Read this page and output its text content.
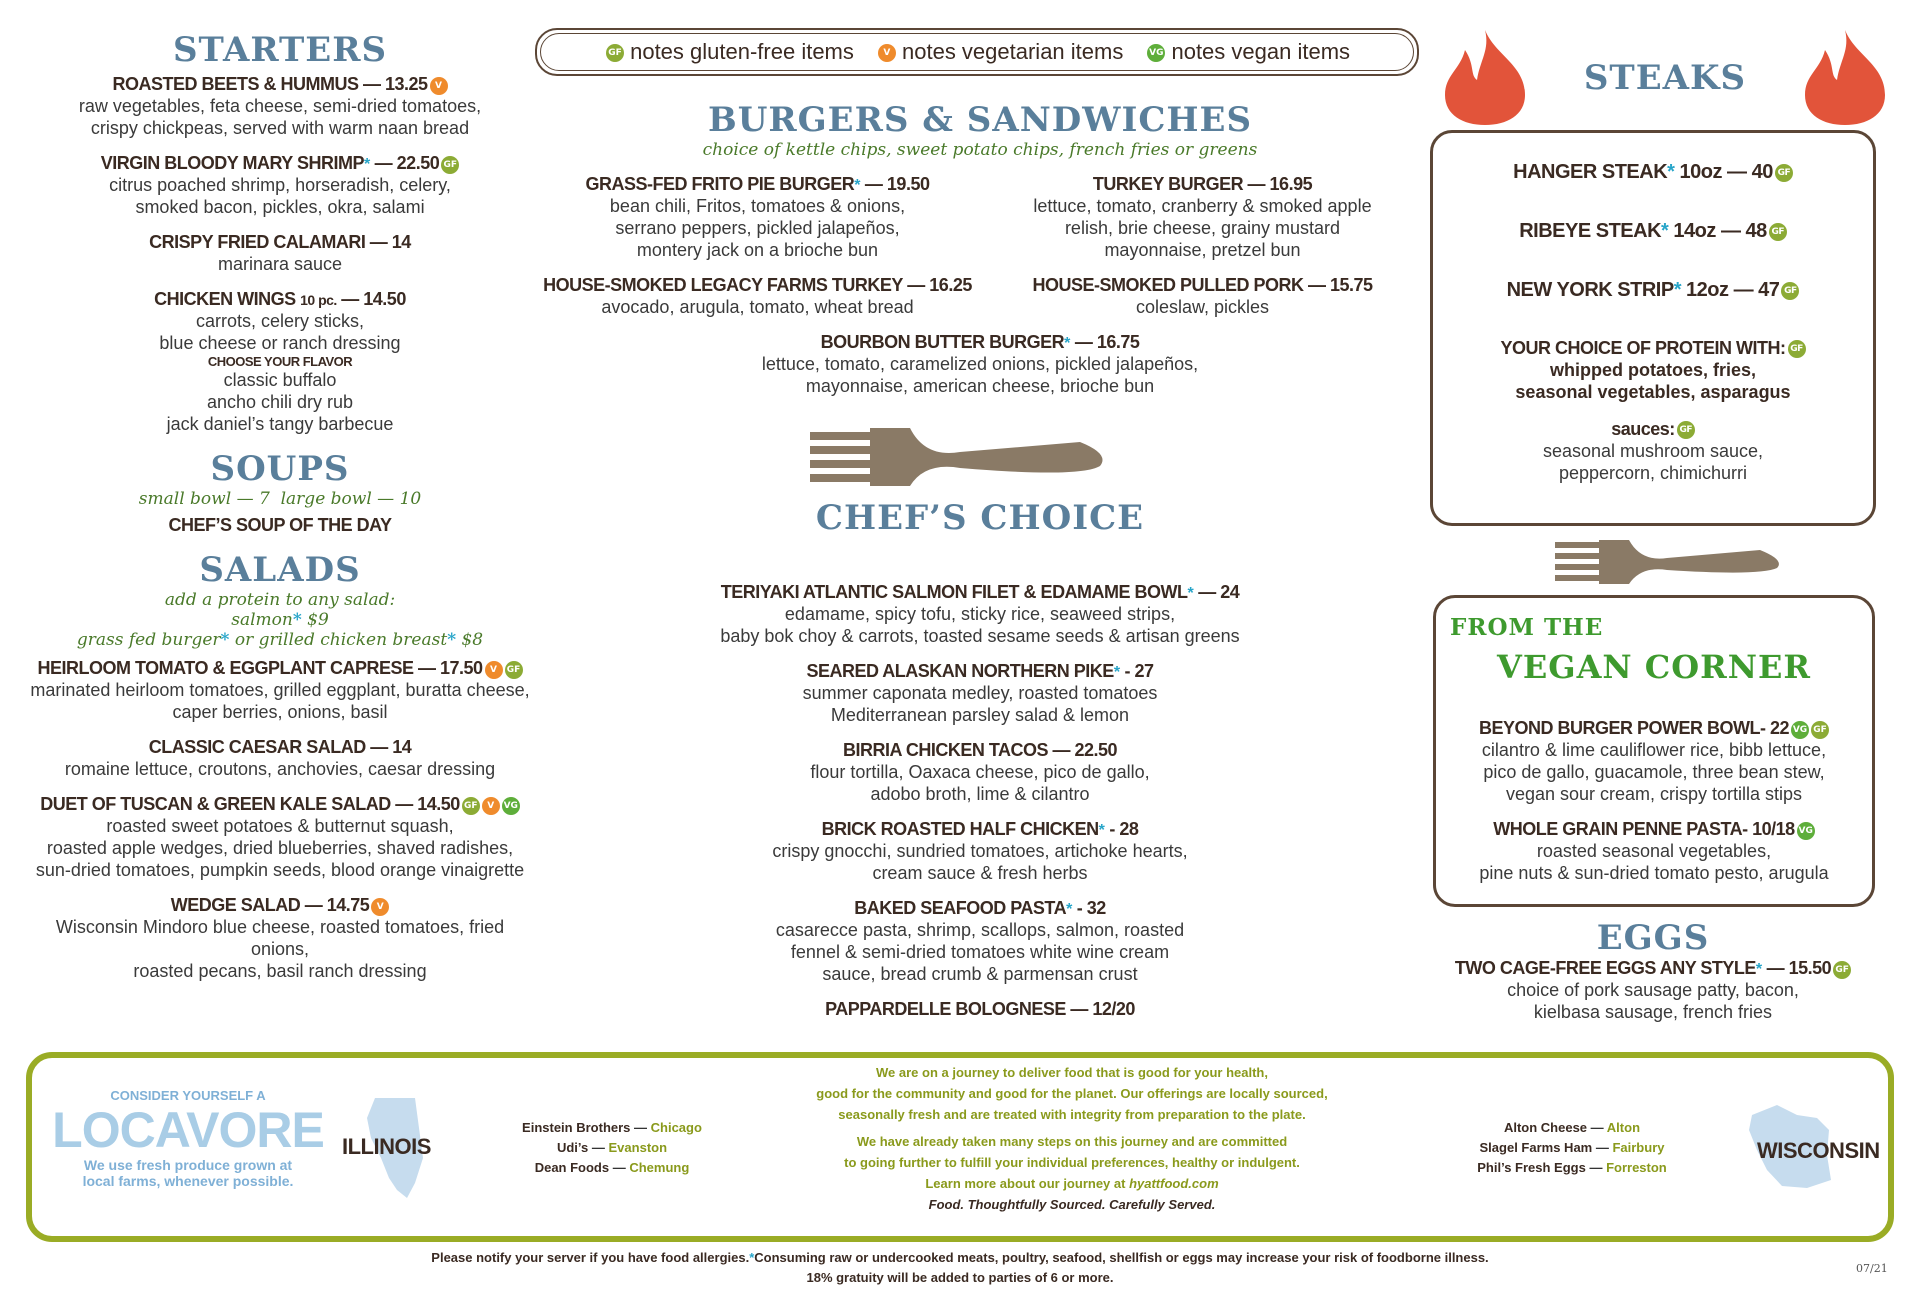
STARTERS
ROASTED BEETS & HUMMUS — 13.25 V
raw vegetables, feta cheese, semi-dried tomatoes,
crispy chickpeas, served with warm naan bread
VIRGIN BLOODY MARY SHRIMP* — 22.50 GF
citrus poached shrimp, horseradish, celery,
smoked bacon, pickles, okra, salami
CRISPY FRIED CALAMARI — 14
marinara sauce
CHICKEN WINGS 10 pc. — 14.50
carrots, celery sticks,
blue cheese or ranch dressing
CHOOSE YOUR FLAVOR
classic buffalo
ancho chili dry rub
jack daniel’s tangy barbecue
SOUPS
small bowl — 7 large bowl — 10
CHEF’S SOUP OF THE DAY
SALADS
add a protein to any salad:
salmon* $9
grass fed burger* or grilled chicken breast* $8
HEIRLOOM TOMATO & EGGPLANT CAPRESE — 17.50 V GF
marinated heirloom tomatoes, grilled eggplant, buratta cheese,
caper berries, onions, basil
CLASSIC CAESAR SALAD — 14
romaine lettuce, croutons, anchovies, caesar dressing
DUET OF TUSCAN & GREEN KALE SALAD — 14.50 GF V VG
roasted sweet potatoes & butternut squash,
roasted apple wedges, dried blueberries, shaved radishes,
sun-dried tomatoes, pumpkin seeds, blood orange vinaigrette
WEDGE SALAD — 14.75 V
Wisconsin Mindoro blue cheese, roasted tomatoes, fried onions,
roasted pecans, basil ranch dressing
GF notes gluten-free items	V notes vegetarian items	VG notes vegan items
BURGERS & SANDWICHES
choice of kettle chips, sweet potato chips, french fries or greens
GRASS-FED FRITO PIE BURGER* — 19.50
bean chili, Fritos, tomatoes & onions,
serrano peppers, pickled jalapeños,
montery jack on a brioche bun
TURKEY BURGER — 16.95
lettuce, tomato, cranberry & smoked apple
relish, brie cheese, grainy mustard
mayonnaise, pretzel bun
HOUSE-SMOKED LEGACY FARMS TURKEY — 16.25
avocado, arugula, tomato, wheat bread
HOUSE-SMOKED PULLED PORK — 15.75
coleslaw, pickles
BOURBON BUTTER BURGER* — 16.75
lettuce, tomato, caramelized onions, pickled jalapeños,
mayonnaise, american cheese, brioche bun
CHEF’S CHOICE
TERIYAKI ATLANTIC SALMON FILET & EDAMAME BOWL* — 24
edamame, spicy tofu, sticky rice, seaweed strips,
baby bok choy & carrots, toasted sesame seeds & artisan greens
SEARED ALASKAN NORTHERN PIKE* - 27
summer caponata medley, roasted tomatoes
Mediterranean parsley salad & lemon
BIRRIA CHICKEN TACOS — 22.50
flour tortilla, Oaxaca cheese, pico de gallo,
adobo broth, lime & cilantro
BRICK ROASTED HALF CHICKEN* - 28
crispy gnocchi, sundried tomatoes, artichoke hearts,
cream sauce & fresh herbs
BAKED SEAFOOD PASTA* - 32
casarecce pasta, shrimp, scallops, salmon, roasted
fennel & semi-dried tomatoes white wine cream
sauce, bread crumb & parmensan crust
PAPPARDELLE BOLOGNESE — 12/20
STEAKS
HANGER STEAK* 10oz — 40 GF
RIBEYE STEAK* 14oz — 48 GF
NEW YORK STRIP* 12oz — 47 GF
YOUR CHOICE OF PROTEIN WITH: GF
whipped potatoes, fries,
seasonal vegetables, asparagus
sauces: GF
seasonal mushroom sauce,
peppercorn, chimichurri
FROM THE
VEGAN CORNER
BEYOND BURGER POWER BOWL- 22 VG GF
cilantro & lime cauliflower rice, bibb lettuce,
pico de gallo, guacamole, three bean stew,
vegan sour cream, crispy tortilla stips
WHOLE GRAIN PENNE PASTA- 10/18 VG
roasted seasonal vegetables,
pine nuts & sun-dried tomato pesto, arugula
EGGS
TWO CAGE-FREE EGGS ANY STYLE* — 15.50 GF
choice of pork sausage patty, bacon,
kielbasa sausage, french fries
CONSIDER YOURSELF A
LOCAVORE
We use fresh produce grown at
local farms, whenever possible.
ILLINOIS
Einstein Brothers — Chicago
Udi’s — Evanston
Dean Foods — Chemung
We are on a journey to deliver food that is good for your health,
good for the community and good for the planet. Our offerings are locally sourced,
seasonally fresh and are treated with integrity from preparation to the plate.
We have already taken many steps on this journey and are committed
to going further to fulfill your individual preferences, healthy or indulgent.
Learn more about our journey at hyattfood.com
Food. Thoughtfully Sourced. Carefully Served.
Alton Cheese — Alton
Slagel Farms Ham — Fairbury
Phil’s Fresh Eggs — Forreston
WISCONSIN
Please notify your server if you have food allergies.*Consuming raw or undercooked meats, poultry, seafood, shellfish or eggs may increase your risk of foodborne illness.
18% gratuity will be added to parties of 6 or more.
07/21
